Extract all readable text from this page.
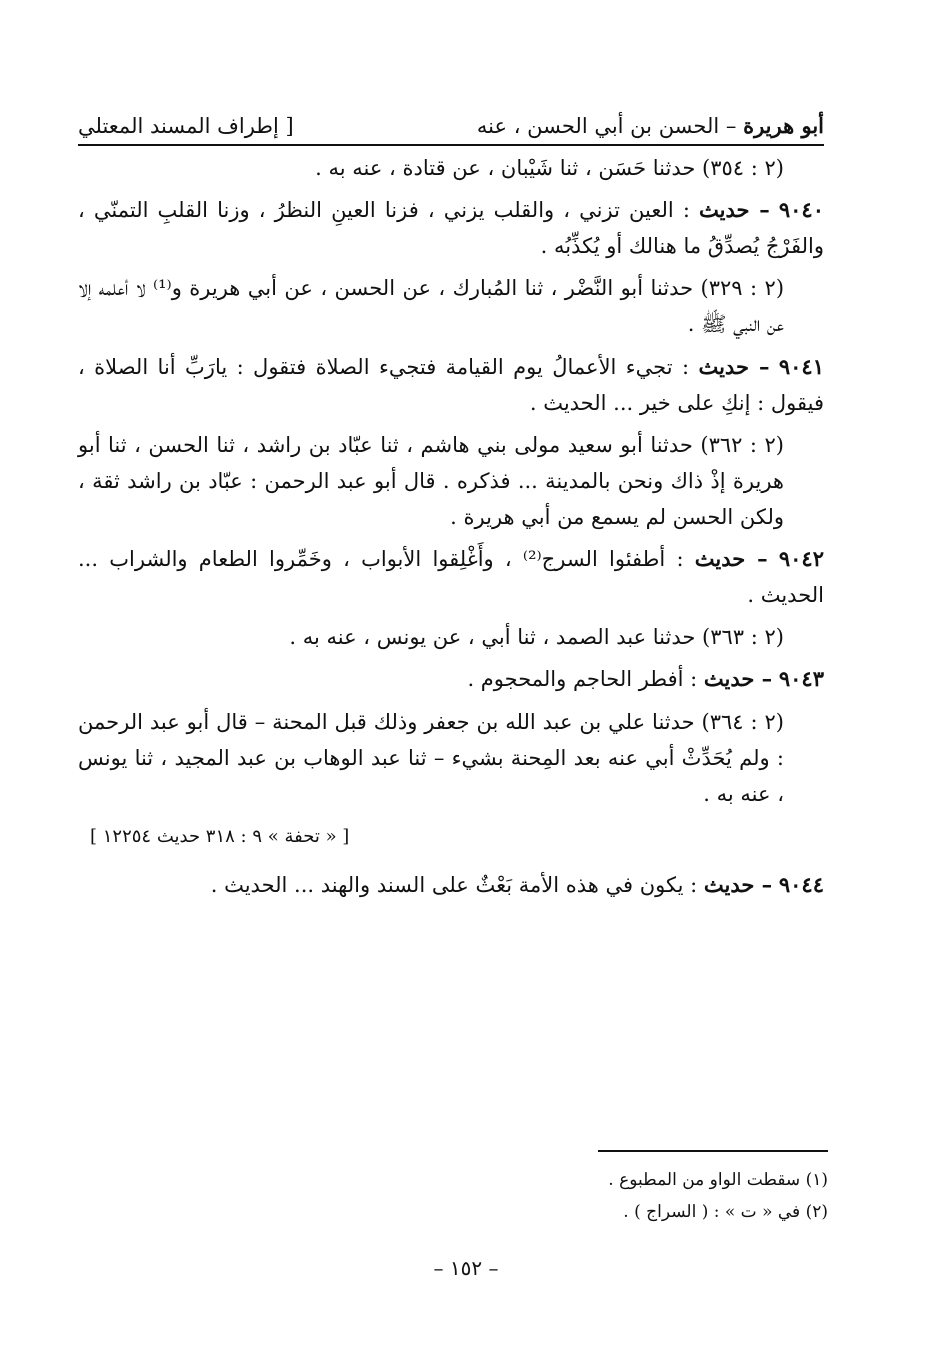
أبو هريرة – الحسن بن أبي الحسن ، عنه
[ إطراف المسند المعتلي

(٢ : ٣٥٤) حدثنا حَسَن ، ثنا شَيْبان ، عن قتادة ، عنه به .

٩٠٤٠ – حديث : العين تزني ، والقلب يزني ، فزنا العينِ النظرُ ، وزنا القلبِ التمنّي ، والفَرْجُ يُصدِّقُ ما هنالك أو يُكذِّبُه .

(٢ : ٣٢٩) حدثنا أبو النَّضْر ، ثنا المُبارك ، عن الحسن ، عن أبي هريرة و⁽¹⁾ لا أعلمه إلا عن النبي ﷺ .

٩٠٤١ – حديث : تجيء الأعمالُ يوم القيامة فتجيء الصلاة فتقول : يارَبِّ أنا الصلاة ، فيقول : إنكِ على خير ... الحديث .

(٢ : ٣٦٢) حدثنا أبو سعيد مولى بني هاشم ، ثنا عبّاد بن راشد ، ثنا الحسن ، ثنا أبو هريرة إذْ ذاك ونحن بالمدينة ... فذكره . قال أبو عبد الرحمن : عبّاد بن راشد ثقة ، ولكن الحسن لم يسمع من أبي هريرة .

٩٠٤٢ – حديث : أطفئوا السرج⁽²⁾ ، وأَغْلِقوا الأبواب ، وخَمِّروا الطعام والشراب ... الحديث .

(٢ : ٣٦٣) حدثنا عبد الصمد ، ثنا أبي ، عن يونس ، عنه به .

٩٠٤٣ – حديث : أفطر الحاجم والمحجوم .

(٢ : ٣٦٤) حدثنا علي بن عبد الله بن جعفر وذلك قبل المحنة – قال أبو عبد الرحمن : ولم يُحَدِّثْ أبي عنه بعد المِحنة بشيء – ثنا عبد الوهاب بن عبد المجيد ، ثنا يونس ، عنه به .

[ « تحفة » ٩ : ٣١٨ حديث ١٢٢٥٤ ]

٩٠٤٤ – حديث : يكون في هذه الأمة بَعْثٌ على السند والهند ... الحديث .

(١) سقطت الواو من المطبوع .
(٢) في « ت » : ( السراج ) .
– ١٥٢ –
